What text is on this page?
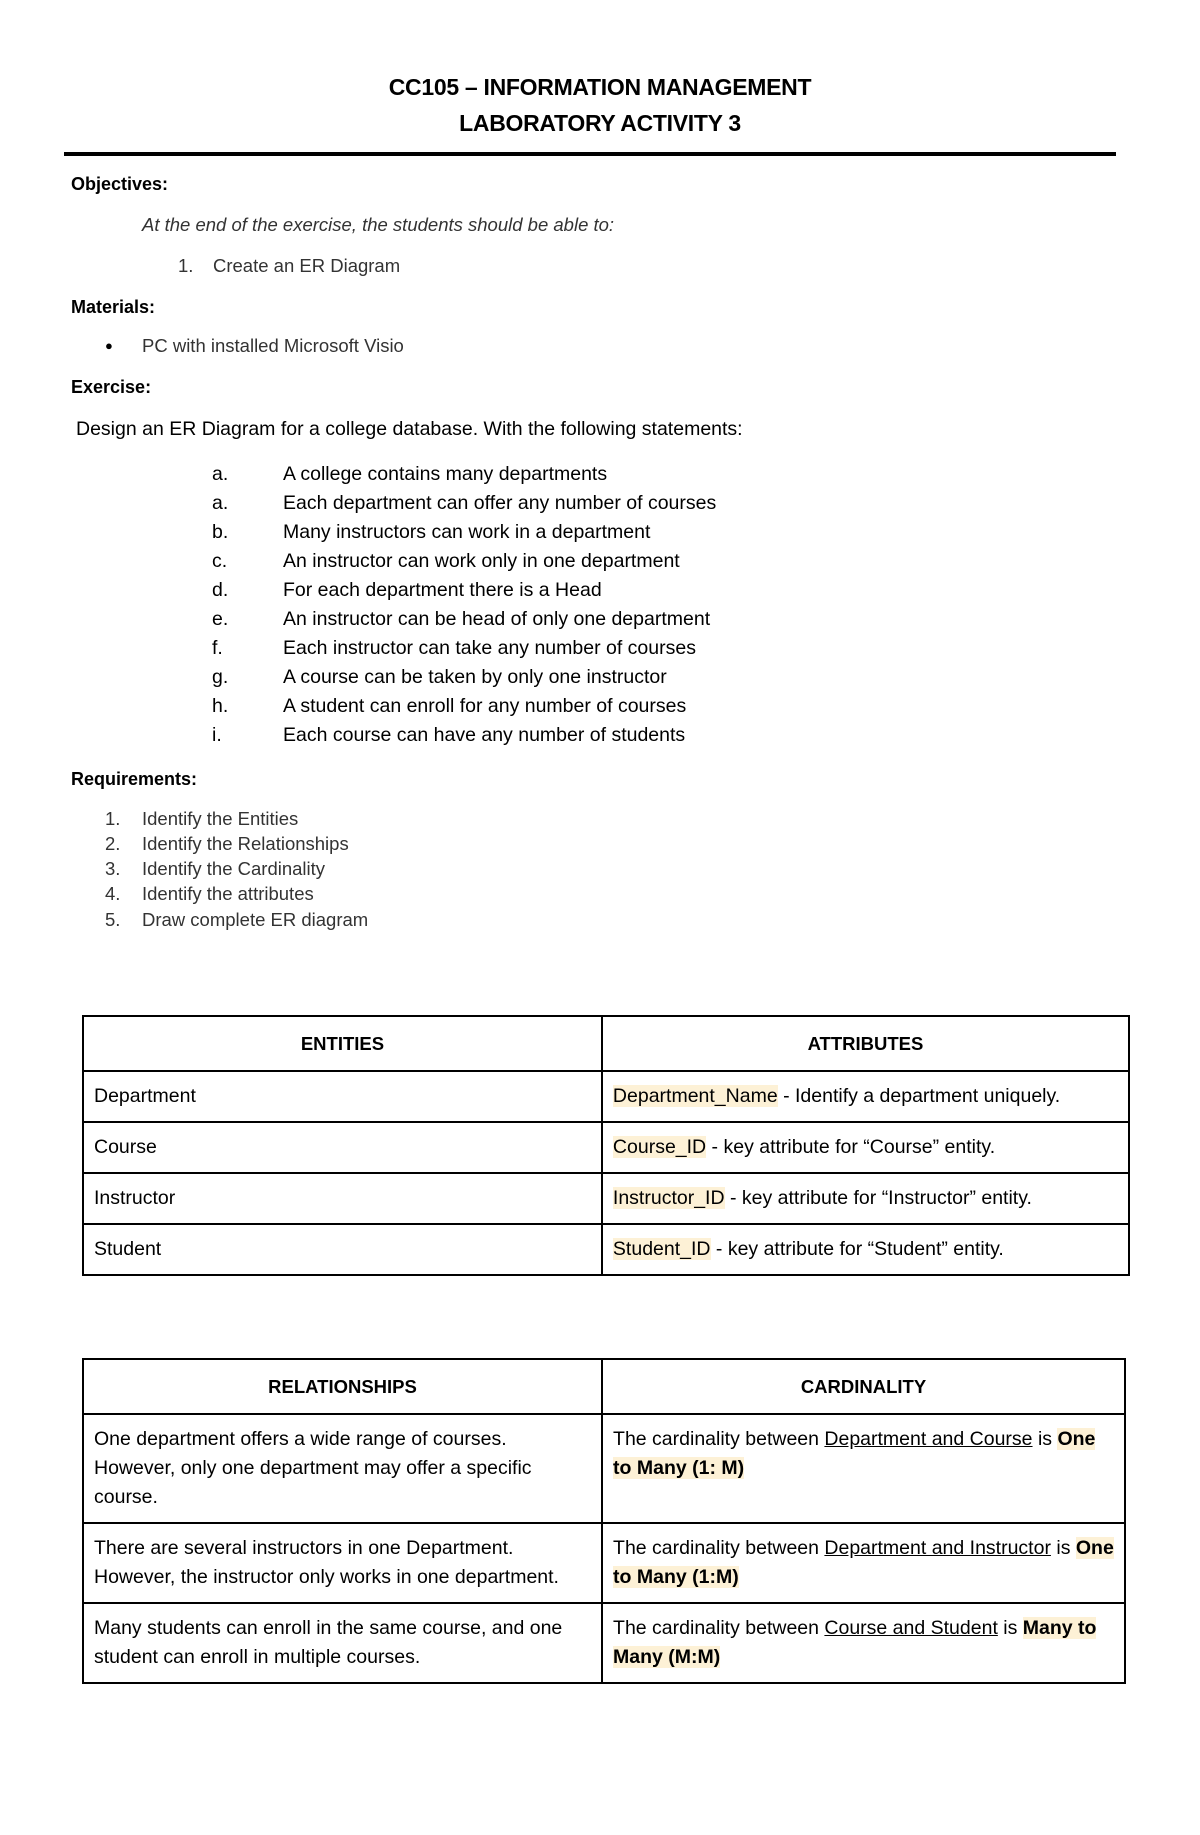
CC105 – INFORMATION MANAGEMENT
LABORATORY ACTIVITY 3
Objectives:
At the end of the exercise, the students should be able to:
1. Create an ER Diagram
Materials:
● PC with installed Microsoft Visio
Exercise:
Design an ER Diagram for a college database. With the following statements:
a.	A college contains many departments
a.	Each department can offer any number of courses
b.	Many instructors can work in a department
c.	An instructor can work only in one department
d.	For each department there is a Head
e.	An instructor can be head of only one department
f.	Each instructor can take any number of courses
g.	A course can be taken by only one instructor
h.	A student can enroll for any number of courses
i.	Each course can have any number of students
Requirements:
1. Identify the Entities
2. Identify the Relationships
3. Identify the Cardinality
4. Identify the attributes
5. Draw complete ER diagram
ENTITIES	ATTRIBUTES
Department	Department_Name - Identify a department uniquely.
Course	Course_ID - key attribute for “Course” entity.
Instructor	Instructor_ID - key attribute for “Instructor” entity.
Student	Student_ID - key attribute for “Student” entity.
RELATIONSHIPS	CARDINALITY
One department offers a wide range of courses. However, only one department may offer a specific course.	The cardinality between Department and Course is One to Many (1: M)
There are several instructors in one Department. However, the instructor only works in one department.	The cardinality between Department and Instructor is One to Many (1:M)
Many students can enroll in the same course, and one student can enroll in multiple courses.	The cardinality between Course and Student is Many to Many (M:M)
